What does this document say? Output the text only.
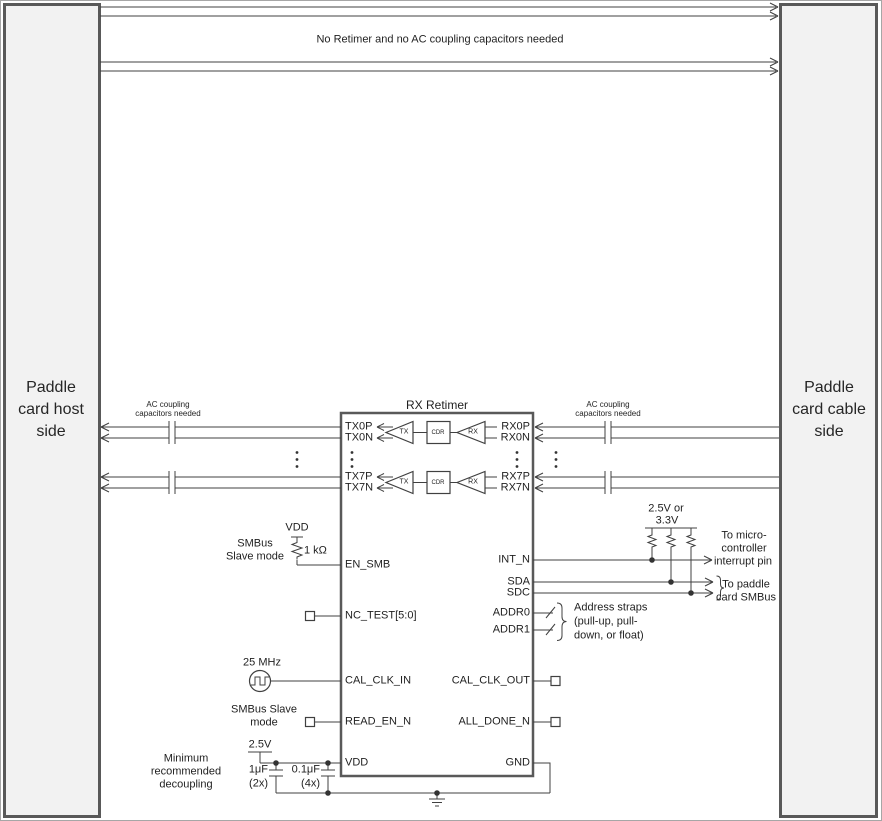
No Retimer and no AC coupling capacitors needed
Paddle
card host
side
Paddle
card cable
side
AC coupling
capacitors needed
AC coupling
capacitors needed
RX Retimer
TX0P
TX0N
RX0P
RX0N
TX7P
TX7N
RX7P
RX7N
TX	CDR	RX
TX	CDR	RX
EN_SMB
NC_TEST[5:0]
CAL_CLK_IN
READ_EN_N
VDD
INT_N
SDA
SDC
ADDR0
ADDR1
CAL_CLK_OUT
ALL_DONE_N
GND
SMBus
Slave mode
VDD
1 kΩ
25 MHz
SMBus Slave
mode
Minimum
recommended
decoupling
2.5V
1μF
(2x)
0.1μF
(4x)
2.5V or
3.3V
To micro-
controller
interrupt pin
To paddle
card SMBus
Address straps
(pull-up, pull-
down, or float)
